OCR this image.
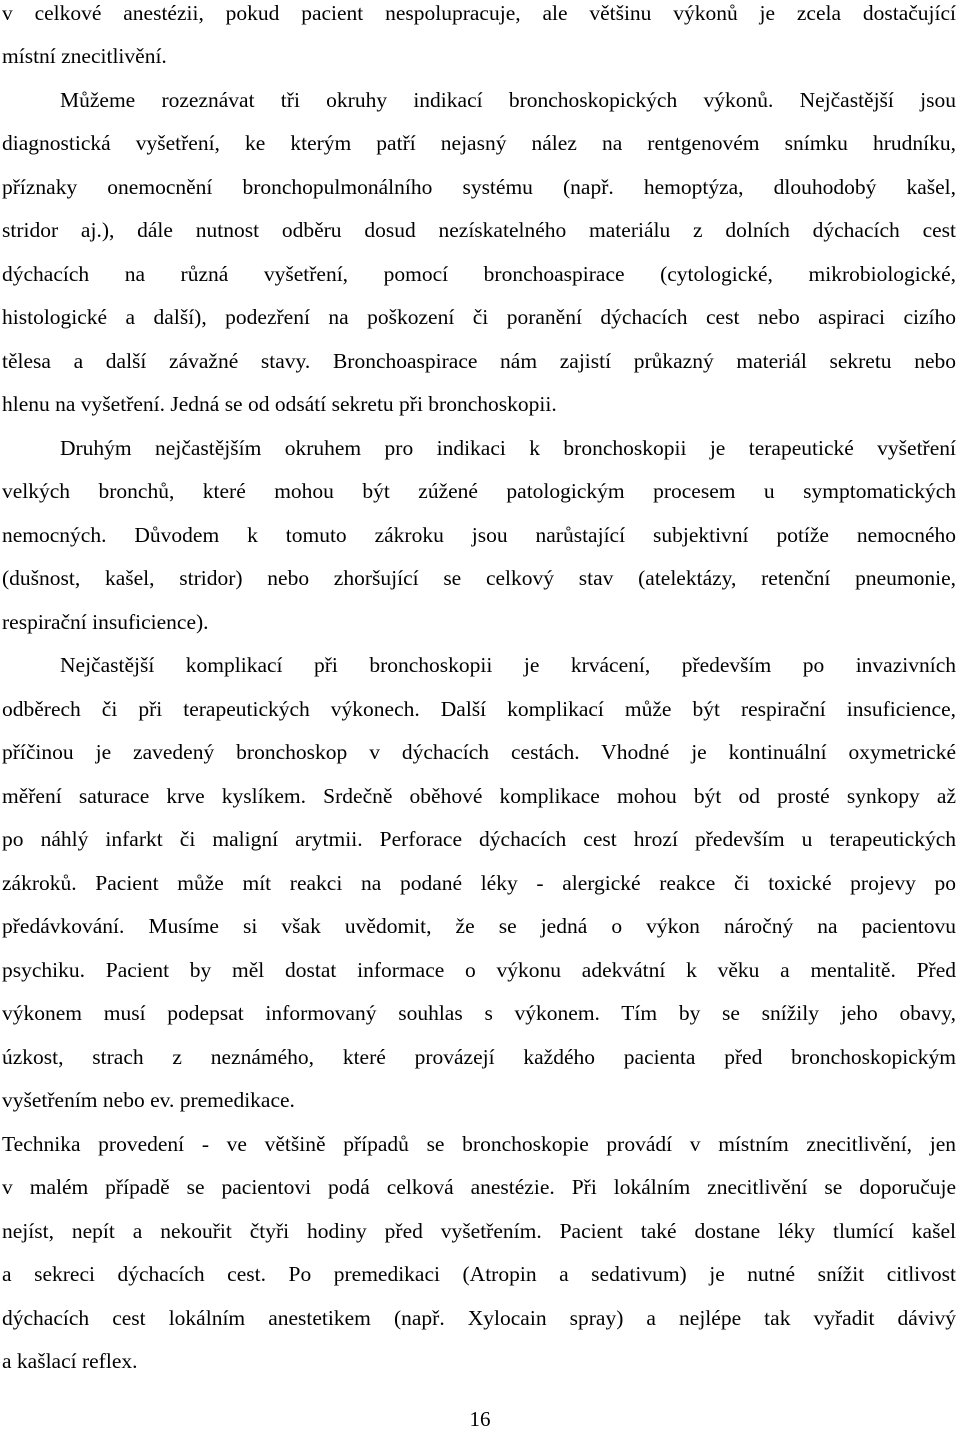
v celkové anestézii, pokud pacient nespolupracuje, ale většinu výkonů je zcela dostačující
místní znecitlivění.
Můžeme rozeznávat tři okruhy indikací bronchoskopických výkonů. Nejčastější jsou
diagnostická vyšetření, ke kterým patří nejasný nález na rentgenovém snímku hrudníku,
příznaky onemocnění bronchopulmonálního systému (např. hemoptýza, dlouhodobý kašel,
stridor aj.), dále nutnost odběru dosud nezískatelného materiálu z dolních dýchacích cest
dýchacích na různá vyšetření, pomocí bronchoaspirace (cytologické, mikrobiologické,
histologické a další), podezření na poškození či poranění dýchacích cest nebo aspiraci cizího
tělesa a další závažné stavy. Bronchoaspirace nám zajistí průkazný materiál sekretu nebo
hlenu na vyšetření. Jedná se od odsátí sekretu při bronchoskopii.
Druhým nejčastějším okruhem pro indikaci k bronchoskopii je terapeutické vyšetření
velkých bronchů, které mohou být zúžené patologickým procesem u symptomatických
nemocných. Důvodem k tomuto zákroku jsou narůstající subjektivní potíže nemocného
(dušnost, kašel, stridor) nebo zhoršující se celkový stav (atelektázy, retenční pneumonie,
respirační insuficience).
Nejčastější komplikací při bronchoskopii je krvácení, především po invazivních
odběrech či při terapeutických výkonech. Další komplikací může být respirační insuficience,
příčinou je zavedený bronchoskop v dýchacích cestách. Vhodné je kontinuální oxymetrické
měření saturace krve kyslíkem. Srdečně oběhové komplikace mohou být od prosté synkopy až
po náhlý infarkt či maligní arytmii. Perforace dýchacích cest hrozí především u terapeutických
zákroků. Pacient může mít reakci na podané léky - alergické reakce či toxické projevy po
předávkování. Musíme si však uvědomit, že se jedná o výkon náročný na pacientovu
psychiku. Pacient by měl dostat informace o výkonu adekvátní k věku a mentalitě. Před
výkonem musí podepsat informovaný souhlas s výkonem. Tím by se snížily jeho obavy,
úzkost, strach z neznámého, které provázejí každého pacienta před bronchoskopickým
vyšetřením nebo ev. premedikace.
Technika provedení - ve většině případů se bronchoskopie provádí v místním znecitlivění, jen
v malém případě se pacientovi podá celková anestézie. Při lokálním znecitlivění se doporučuje
nejíst, nepít a nekouřit čtyři hodiny před vyšetřením. Pacient také dostane léky tlumící kašel
a sekreci dýchacích cest. Po premedikaci (Atropin a sedativum) je nutné snížit citlivost
dýchacích cest lokálním anestetikem (např. Xylocain spray) a nejlépe tak vyřadit dávivý
a kašlací reflex.
16
